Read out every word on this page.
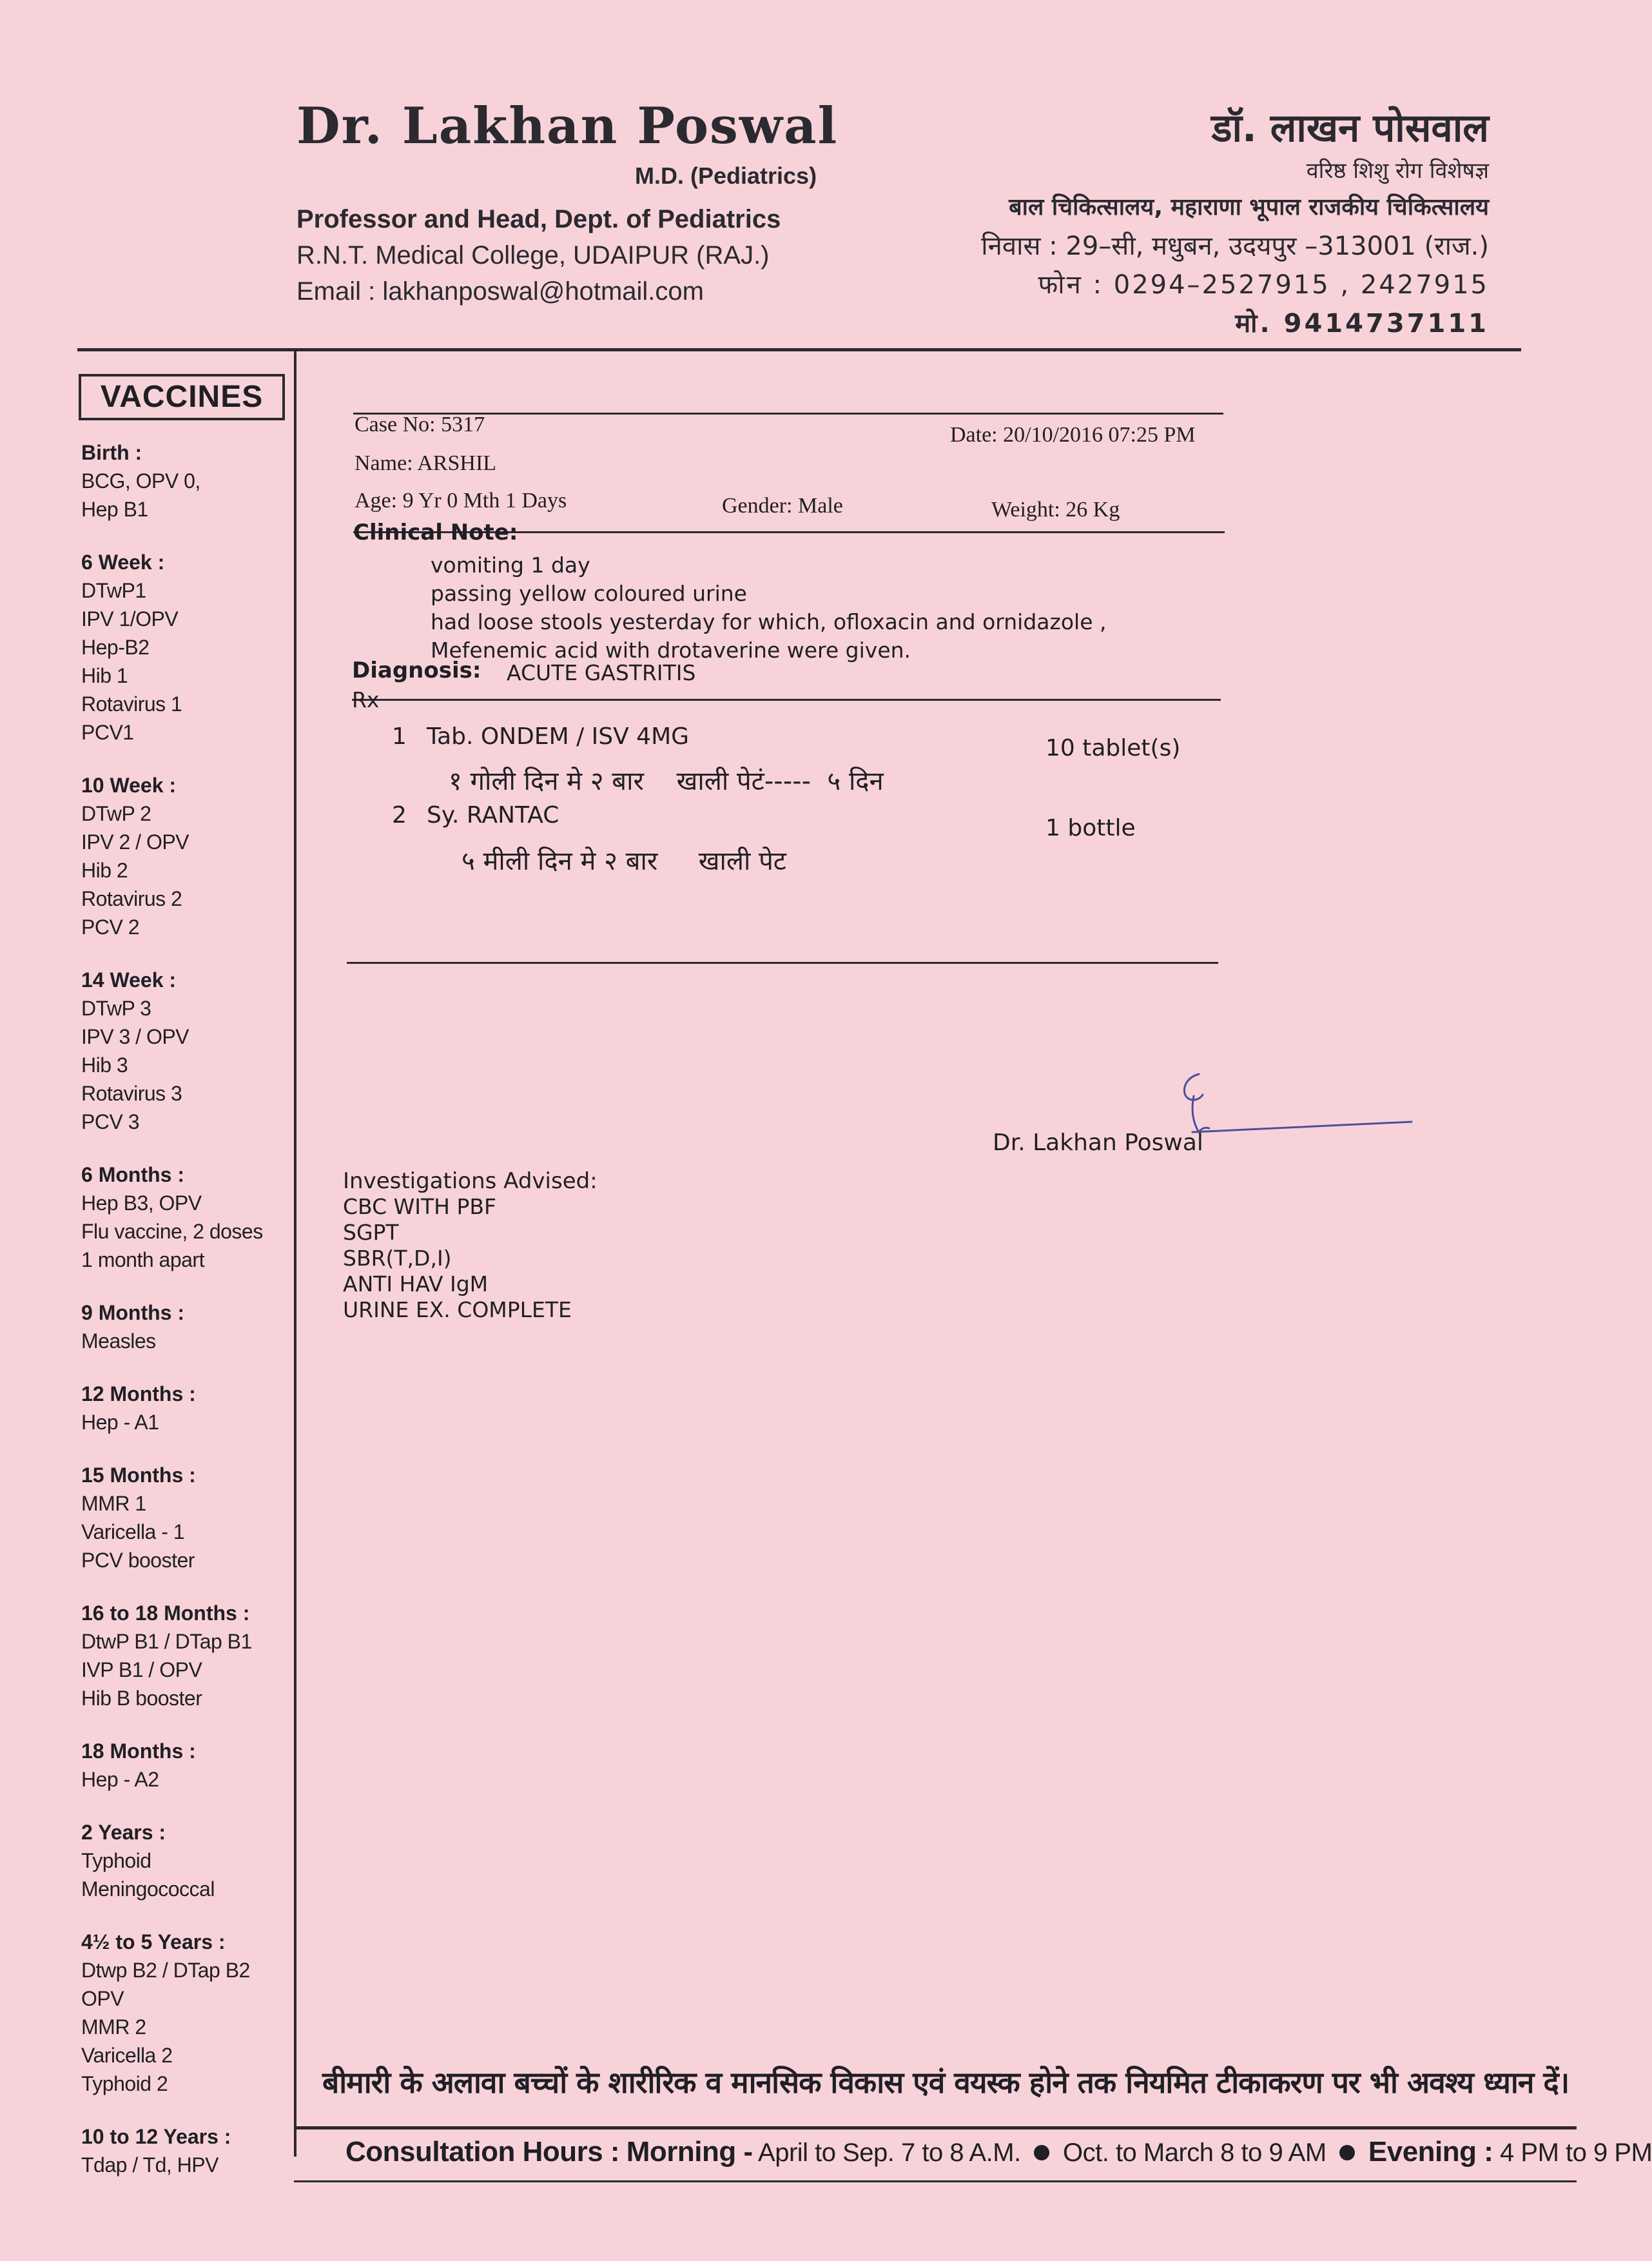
Dr. Lakhan Poswal
M.D. (Pediatrics)
Professor and Head, Dept. of Pediatrics
R.N.T. Medical College, UDAIPUR (RAJ.)
Email : lakhanposwal@hotmail.com
डॉ. लाखन पोसवाल
वरिष्ठ शिशु रोग विशेषज्ञ
बाल चिकित्सालय, महाराणा भूपाल राजकीय चिकित्सालय
निवास : 29–सी, मधुबन, उदयपुर –313001 (राज.)
फोन : 0294–2527915 , 2427915
मो. 9414737111
VACCINES
Birth :
BCG, OPV 0,
Hep B1
6 Week :
DTwP1
IPV 1/OPV
Hep-B2
Hib 1
Rotavirus 1
PCV1
10 Week :
DTwP 2
IPV 2 / OPV
Hib 2
Rotavirus 2
PCV 2
14 Week :
DTwP 3
IPV 3 / OPV
Hib 3
Rotavirus 3
PCV 3
6 Months :
Hep B3, OPV
Flu vaccine, 2 doses
1 month apart
9 Months :
Measles
12 Months :
Hep - A1
15 Months :
MMR 1
Varicella - 1
PCV booster
16 to 18 Months :
DtwP B1 / DTap B1
IVP B1 / OPV
Hib B booster
18 Months :
Hep - A2
2 Years :
Typhoid
Meningococcal
4½ to 5 Years :
Dtwp B2 / DTap B2
OPV
MMR 2
Varicella 2
Typhoid 2
10 to 12 Years :
Tdap / Td, HPV
Case No: 5317	Date: 20/10/2016 07:25 PM
Name: ARSHIL
Age: 9 Yr 0 Mth 1 Days	Gender: Male	Weight: 26 Kg
Clinical Note:
vomiting 1 day
passing yellow coloured urine
had loose stools yesterday for which, ofloxacin and ornidazole ,
Mefenemic acid with drotaverine were given.
Diagnosis: ACUTE GASTRITIS
Rx
1 Tab. ONDEM / ISV 4MG	10 tablet(s)
१ गोली दिन मे २ बार    खाली पेटं-----  ५ दिन
2 Sy. RANTAC	1 bottle
५ मीली दिन मे २ बार     खाली पेट
Dr. Lakhan Poswal
Investigations Advised:
CBC WITH PBF
SGPT
SBR(T,D,I)
ANTI HAV IgM
URINE EX. COMPLETE
बीमारी के अलावा बच्चों के शारीरिक व मानसिक विकास एवं वयस्क होने तक नियमित टीकाकरण पर भी अवश्य ध्यान दें।
Consultation Hours : Morning - April to Sep. 7 to 8 A.M. Oct. to March 8 to 9 AM Evening : 4 PM to 9 PM
